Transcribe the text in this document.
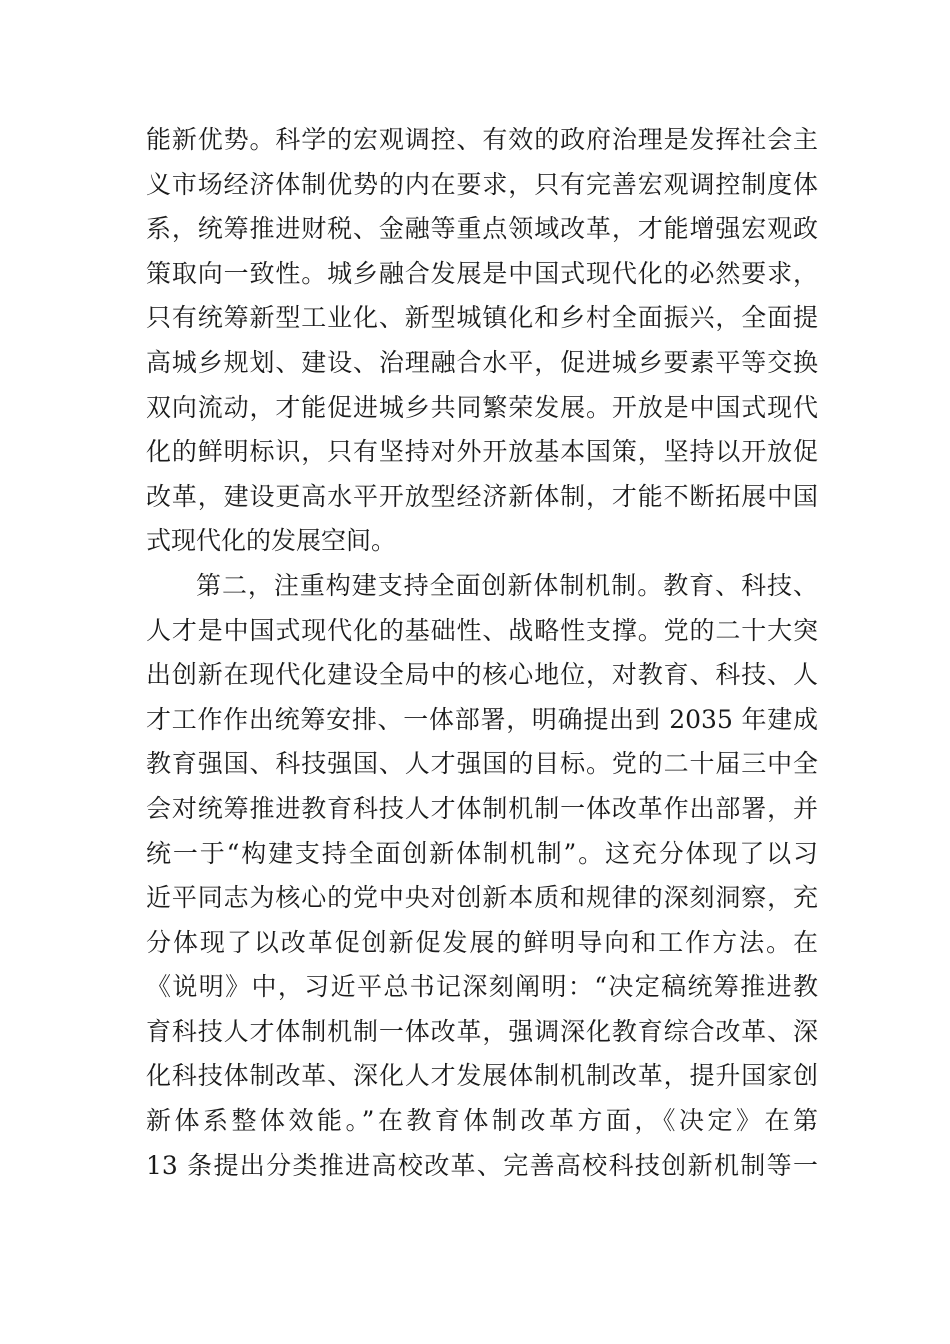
能新优势。科学的宏观调控、有效的政府治理是发挥社会主
义市场经济体制优势的内在要求，只有完善宏观调控制度体
系，统筹推进财税、金融等重点领域改革，才能增强宏观政
策取向一致性。城乡融合发展是中国式现代化的必然要求，
只有统筹新型工业化、新型城镇化和乡村全面振兴，全面提
高城乡规划、建设、治理融合水平，促进城乡要素平等交换
双向流动，才能促进城乡共同繁荣发展。开放是中国式现代
化的鲜明标识，只有坚持对外开放基本国策，坚持以开放促
改革，建设更高水平开放型经济新体制，才能不断拓展中国
式现代化的发展空间。
第二，注重构建支持全面创新体制机制。教育、科技、
人才是中国式现代化的基础性、战略性支撑。党的二十大突
出创新在现代化建设全局中的核心地位，对教育、科技、人
才工作作出统筹安排、一体部署，明确提出到 2035 年建成
教育强国、科技强国、人才强国的目标。党的二十届三中全
会对统筹推进教育科技人才体制机制一体改革作出部署，并
统一于“构建支持全面创新体制机制”。这充分体现了以习
近平同志为核心的党中央对创新本质和规律的深刻洞察，充
分体现了以改革促创新促发展的鲜明导向和工作方法。在
《说明》中，习近平总书记深刻阐明：“决定稿统筹推进教
育科技人才体制机制一体改革，强调深化教育综合改革、深
化科技体制改革、深化人才发展体制机制改革，提升国家创
新体系整体效能。”在教育体制改革方面，《决定》在第
13 条提出分类推进高校改革、完善高校科技创新机制等一
